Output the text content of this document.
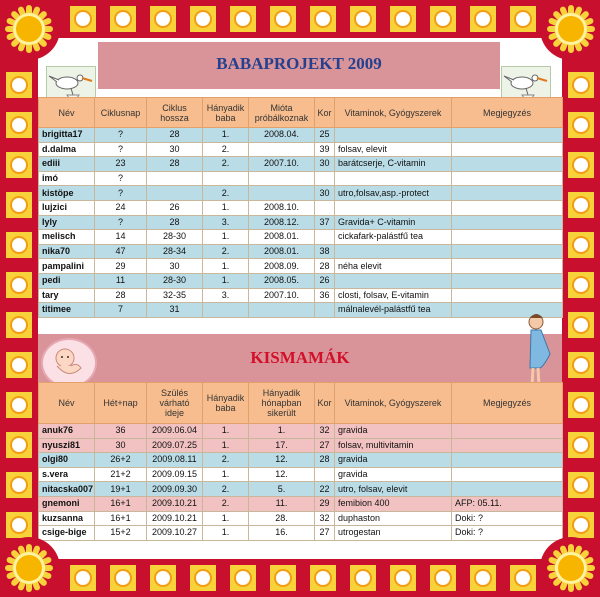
BABAPROJEKT 2009
Név	Ciklusnap	Ciklus hossza	Hányadik baba	Mióta próbálkoznak	Kor	Vitaminok, Gyógyszerek	Megjegyzés
brigitta17	?	28	1.	2008.04.	25		
d.dalma	?	30	2.		39	folsav, elevit	
ediii	23	28	2.	2007.10.	30	barátcserje, C-vitamin	
imó	?						
kistöpe	?		2.		30	utro,folsav,asp.-protect	
lujzici	24	26	1.	2008.10.			
lyly	?	28	3.	2008.12.	37	Gravida+ C-vitamin	
melisch	14	28-30	1.	2008.01.		cickafark-palástfű tea	
nika70	47	28-34	2.	2008.01.	38		
pampalini	29	30	1.	2008.09.	28	néha elevit	
pedi	11	28-30	1.	2008.05.	26		
tary	28	32-35	3.	2007.10.	36	closti, folsav, E-vitamin	
titimee	7	31				málnalevél-palástfű tea	
KISMAMÁK
Név	Hét+nap	Szülés várható ideje	Hányadik baba	Hányadik hónapban sikerült	Kor	Vitaminok, Gyógyszerek	Megjegyzés
anuk76	36	2009.06.04	1.	1.	32	gravida	
nyuszi81	30	2009.07.25	1.	17.	27	folsav, multivitamin	
olgi80	26+2	2009.08.11	2.	12.	28	gravida	
s.vera	21+2	2009.09.15	1.	12.		gravida	
nitacska007	19+1	2009.09.30	2.	5.	22	utro, folsav, elevit	
gnemoni	16+1	2009.10.21	2.	11.	29	femibion 400	AFP: 05.11.
kuzsanna	16+1	2009.10.21	1.	28.	32	duphaston	Doki: ?
csige-bige	15+2	2009.10.27	1.	16.	27	utrogestan	Doki: ?
